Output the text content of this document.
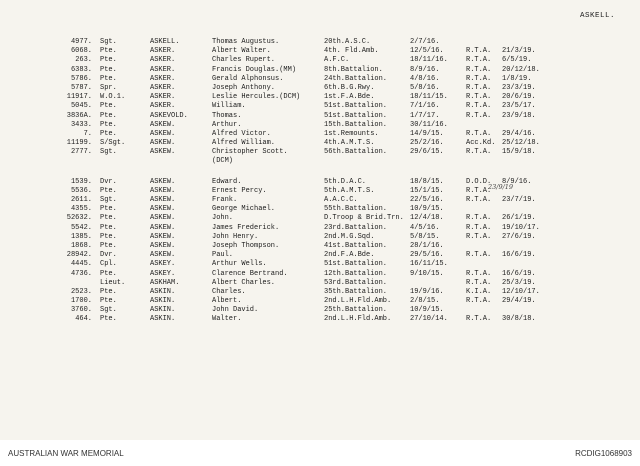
ASKELL.
4977. Sgt.	ASKELL.	Thomas Augustus.	20th.A.S.C.	2/7/16.
6068. Pte.	ASKER.	Albert Walter.	4th. Fld.Amb.	12/5/16.	R.T.A. 21/3/19.
263. Pte.	ASKER.	Charles Rupert.	A.F.C.	18/11/16.	R.T.A. 6/5/19.
6383. Pte.	ASKER.	Francis Douglas.(MM)	8th.Battalion.	8/9/16.	R.T.A. 20/12/18.
5786. Pte.	ASKER.	Gerald Alphonsus.	24th.Battalion.	4/8/16.	R.T.A. 1/8/19.
5787. Spr.	ASKER.	Joseph Anthony.	6th.B.G.Rwy.	5/8/16.	R.T.A. 23/3/19.
11917. W.O.1.	ASKER.	Leslie Hercules.(DCM)	1st.F.A.Bde.	18/11/15.	R.T.A. 20/6/19.
5045. Pte.	ASKER.	William.	51st.Battalion.	7/1/16.	R.T.A. 23/5/17.
3836A. Pte.	ASKEVOLD.	Thomas.	51st.Battalion.	1/7/17.	R.T.A. 23/9/18.
3433. Pte.	ASKEW.	Arthur.	15th.Battalion.	30/11/16.
7. Pte.	ASKEW.	Alfred Victor.	1st.Remounts.	14/9/15.	R.T.A. 29/4/16.
11199. S/Sgt.	ASKEW.	Alfred William.	4th.A.M.T.S.	25/2/16.	Acc.Kd. 25/12/18.
2777. Sgt.	ASKEW.	Christopher Scott.	56th.Battalion.	29/6/15.	R.T.A. 15/9/18.
(DCM)
1539. Dvr.	ASKEW.	Edward.	5th.D.A.C.	18/8/15.	D.O.D. 8/9/16.
5536. Pte.	ASKEW.	Ernest Percy.	5th.A.M.T.S.	15/1/15.	R.T.A.
2611. Sgt.	ASKEW.	Frank.	A.A.C.C.	22/5/16.	R.T.A. 23/7/19.
4355. Pte.	ASKEW.	George Michael.	55th.Battalion.	10/9/15.
52632. Pte.	ASKEW.	John.	D.Troop & Brid.Trn. 12/4/18.	R.T.A. 26/1/19.
5542. Pte.	ASKEW.	James Frederick.	23rd.Battalion.	4/5/16.	R.T.A. 19/10/17.
1385. Pte.	ASKEW.	John Henry.	2nd.M.G.Sqd.	5/8/15.	R.T.A. 27/6/19.
1868. Pte.	ASKEW.	Joseph Thompson.	41st.Battalion.	28/1/16.
28942. Dvr.	ASKEW.	Paul.	2nd.F.A.Bde.	29/5/16.	R.T.A. 16/6/19.
4445. Cpl.	ASKEY.	Arthur Wells.	51st.Battalion.	16/11/15.
4736. Pte.	ASKEY.	Clarence Bertrand.	12th.Battalion.	9/10/15.	R.T.A. 16/6/19.
Lieut.	ASKHAM.	Albert Charles.	53rd.Battalion.	R.T.A. 25/3/19.
2523. Pte.	ASKIN.	Charles.	35th.Battalion.	19/9/16.	K.I.A. 12/10/17.
1700. Pte.	ASKIN.	Albert.	2nd.L.H.Fld.Amb.	2/8/15.	R.T.A. 29/4/19.
3760. Sgt.	ASKIN.	John David.	25th.Battalion.	10/9/15.
464. Pte.	ASKIN.	Walter.	2nd.L.H.Fld.Amb.	27/10/14.	R.T.A. 30/8/18.
23/9/19
AUSTRALIAN WAR MEMORIAL	RCDIG1068903
